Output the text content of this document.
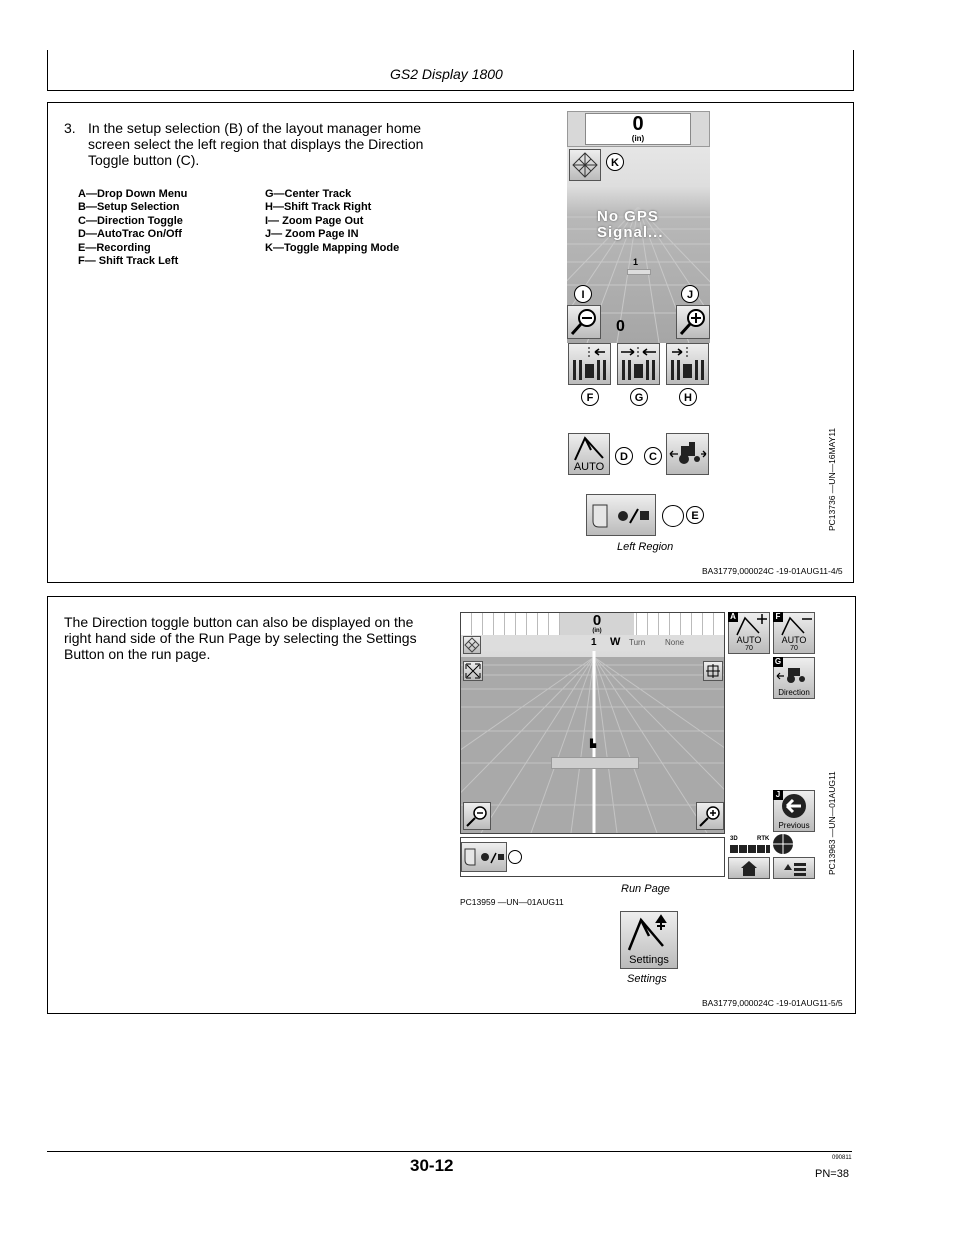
GS2 Display 1800
3. In the setup selection (B) of the layout manager home screen select the left region that displays the Direction Toggle button (C).
A—Drop Down Menu
B—Setup Selection
C—Direction Toggle
D—AutoTrac On/Off
E—Recording
F— Shift Track Left
G—Center Track
H—Shift Track Right
I— Zoom Page Out
J— Zoom Page IN
K—Toggle Mapping Mode
0
(in)
K
No GPS
Signal...
1
I	J
0
F	G	H
AUTO
D	C
E	PC13736 —UN—16MAY11
Left Region
BA31779,000024C -19-01AUG11-4/5
The Direction toggle button can also be displayed on the right hand side of the Run Page by selecting the Settings Button on the run page.
0
(in)
1 W Turn None
▙
AUTO
70
A
AUTO
70
F
Direction
G
Previous
J
3D	RTK	PC13963 —UN—01AUG11
Run Page
PC13959 —UN—01AUG11
Settings
Settings
BA31779,000024C -19-01AUG11-5/5
30-12	090811
PN=38
